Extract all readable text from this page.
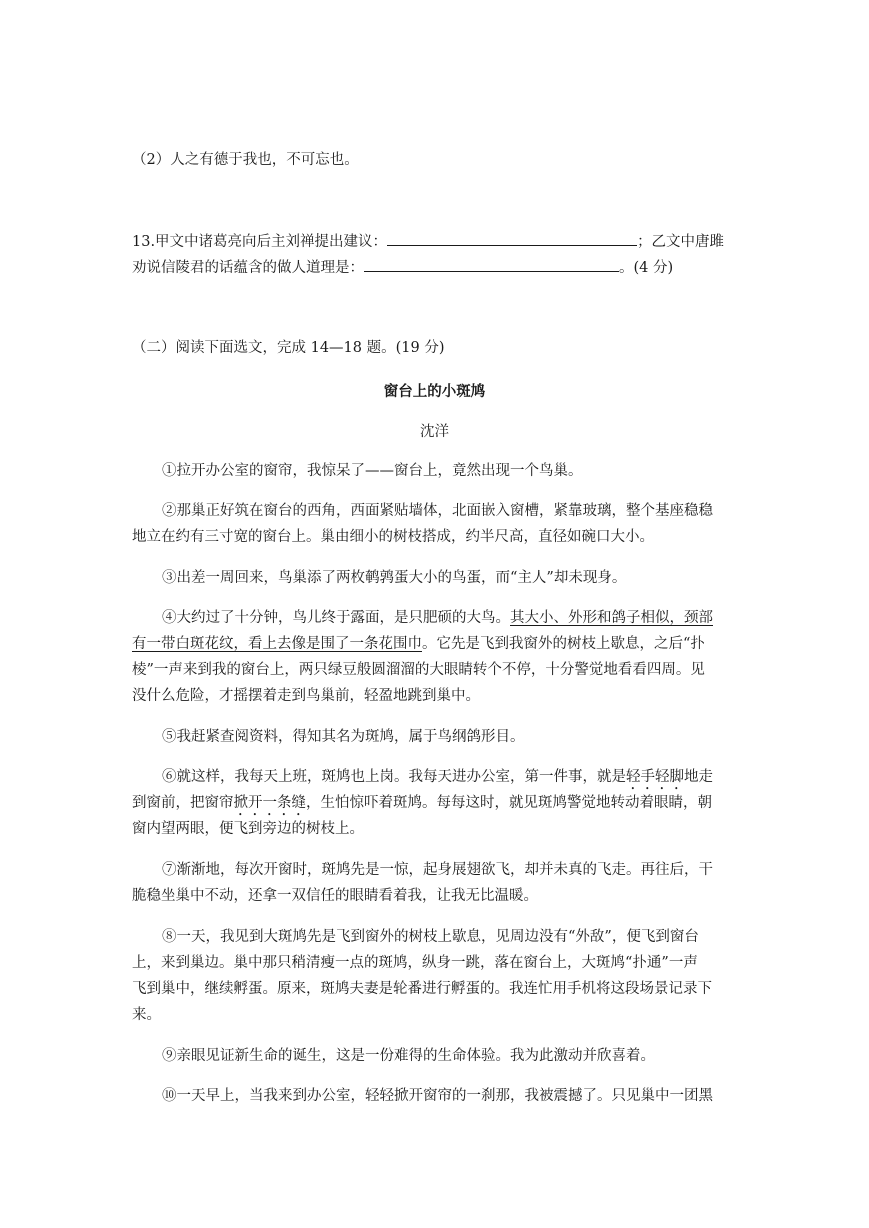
（2）人之有德于我也，不可忘也。
13.甲文中诸葛亮向后主刘禅提出建议：	；乙文中唐雎
劝说信陵君的话蕴含的做人道理是：	。(4 分)
（二）阅读下面选文，完成 14—18 题。(19 分)
窗台上的小斑鸠
沈洋
①拉开办公室的窗帘，我惊呆了——窗台上，竟然出现一个鸟巢。
②那巢正好筑在窗台的西角，西面紧贴墙体，北面嵌入窗槽，紧靠玻璃，整个基座稳稳
地立在约有三寸宽的窗台上。巢由细小的树枝搭成，约半尺高，直径如碗口大小。
③出差一周回来，鸟巢添了两枚鹌鹑蛋大小的鸟蛋，而“主人”却未现身。
④大约过了十分钟，鸟儿终于露面，是只肥硕的大鸟。其大小、外形和鸽子相似，颈部
有一带白斑花纹，看上去像是围了一条花围巾。它先是飞到我窗外的树枝上歇息，之后“扑
棱”一声来到我的窗台上，两只绿豆般圆溜溜的大眼睛转个不停，十分警觉地看看四周。见
没什么危险，才摇摆着走到鸟巢前，轻盈地跳到巢中。
⑤我赶紧查阅资料，得知其名为斑鸠，属于鸟纲鸽形目。
⑥就这样，我每天上班，斑鸠也上岗。我每天进办公室，第一件事，就是轻手轻脚地走
到窗前，把窗帘掀开一条缝，生怕惊吓着斑鸠。每每这时，就见斑鸠警觉地转动着眼睛，朝
窗内望两眼，便飞到旁边的树枝上。
⑦渐渐地，每次开窗时，斑鸠先是一惊，起身展翅欲飞，却并未真的飞走。再往后，干
脆稳坐巢中不动，还拿一双信任的眼睛看着我，让我无比温暖。
⑧一天，我见到大斑鸠先是飞到窗外的树枝上歇息，见周边没有“外敌”，便飞到窗台
上，来到巢边。巢中那只稍清瘦一点的斑鸠，纵身一跳，落在窗台上，大斑鸠“扑通”一声
飞到巢中，继续孵蛋。原来，斑鸠夫妻是轮番进行孵蛋的。我连忙用手机将这段场景记录下
来。
⑨亲眼见证新生命的诞生，这是一份难得的生命体验。我为此激动并欣喜着。
⑩一天早上，当我来到办公室，轻轻掀开窗帘的一刹那，我被震撼了。只见巢中一团黑
